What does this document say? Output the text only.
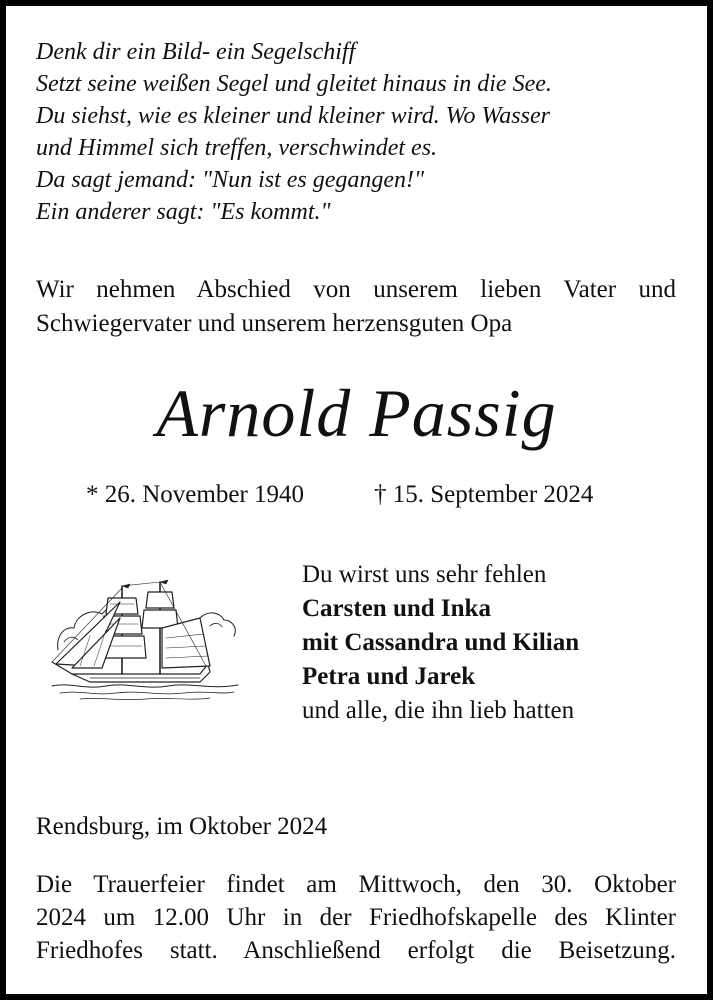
Denk dir ein Bild- ein Segelschiff
Setzt seine weißen Segel und gleitet hinaus in die See.
Du siehst, wie es kleiner und kleiner wird. Wo Wasser
und Himmel sich treffen, verschwindet es.
Da sagt jemand: "Nun ist es gegangen!"
Ein anderer sagt: "Es kommt."
Wir nehmen Abschied von unserem lieben Vater und
Schwiegervater und unserem herzensguten Opa
Arnold Passig
* 26. November 1940	† 15. September 2024
Du wirst uns sehr fehlen
Carsten und Inka
mit Cassandra und Kilian
Petra und Jarek
und alle, die ihn lieb hatten
Rendsburg, im Oktober 2024
Die Trauerfeier findet am Mittwoch, den 30. Oktober
2024 um 12.00 Uhr in der Friedhofskapelle des Klinter
Friedhofes statt. Anschließend erfolgt die Beisetzung.
